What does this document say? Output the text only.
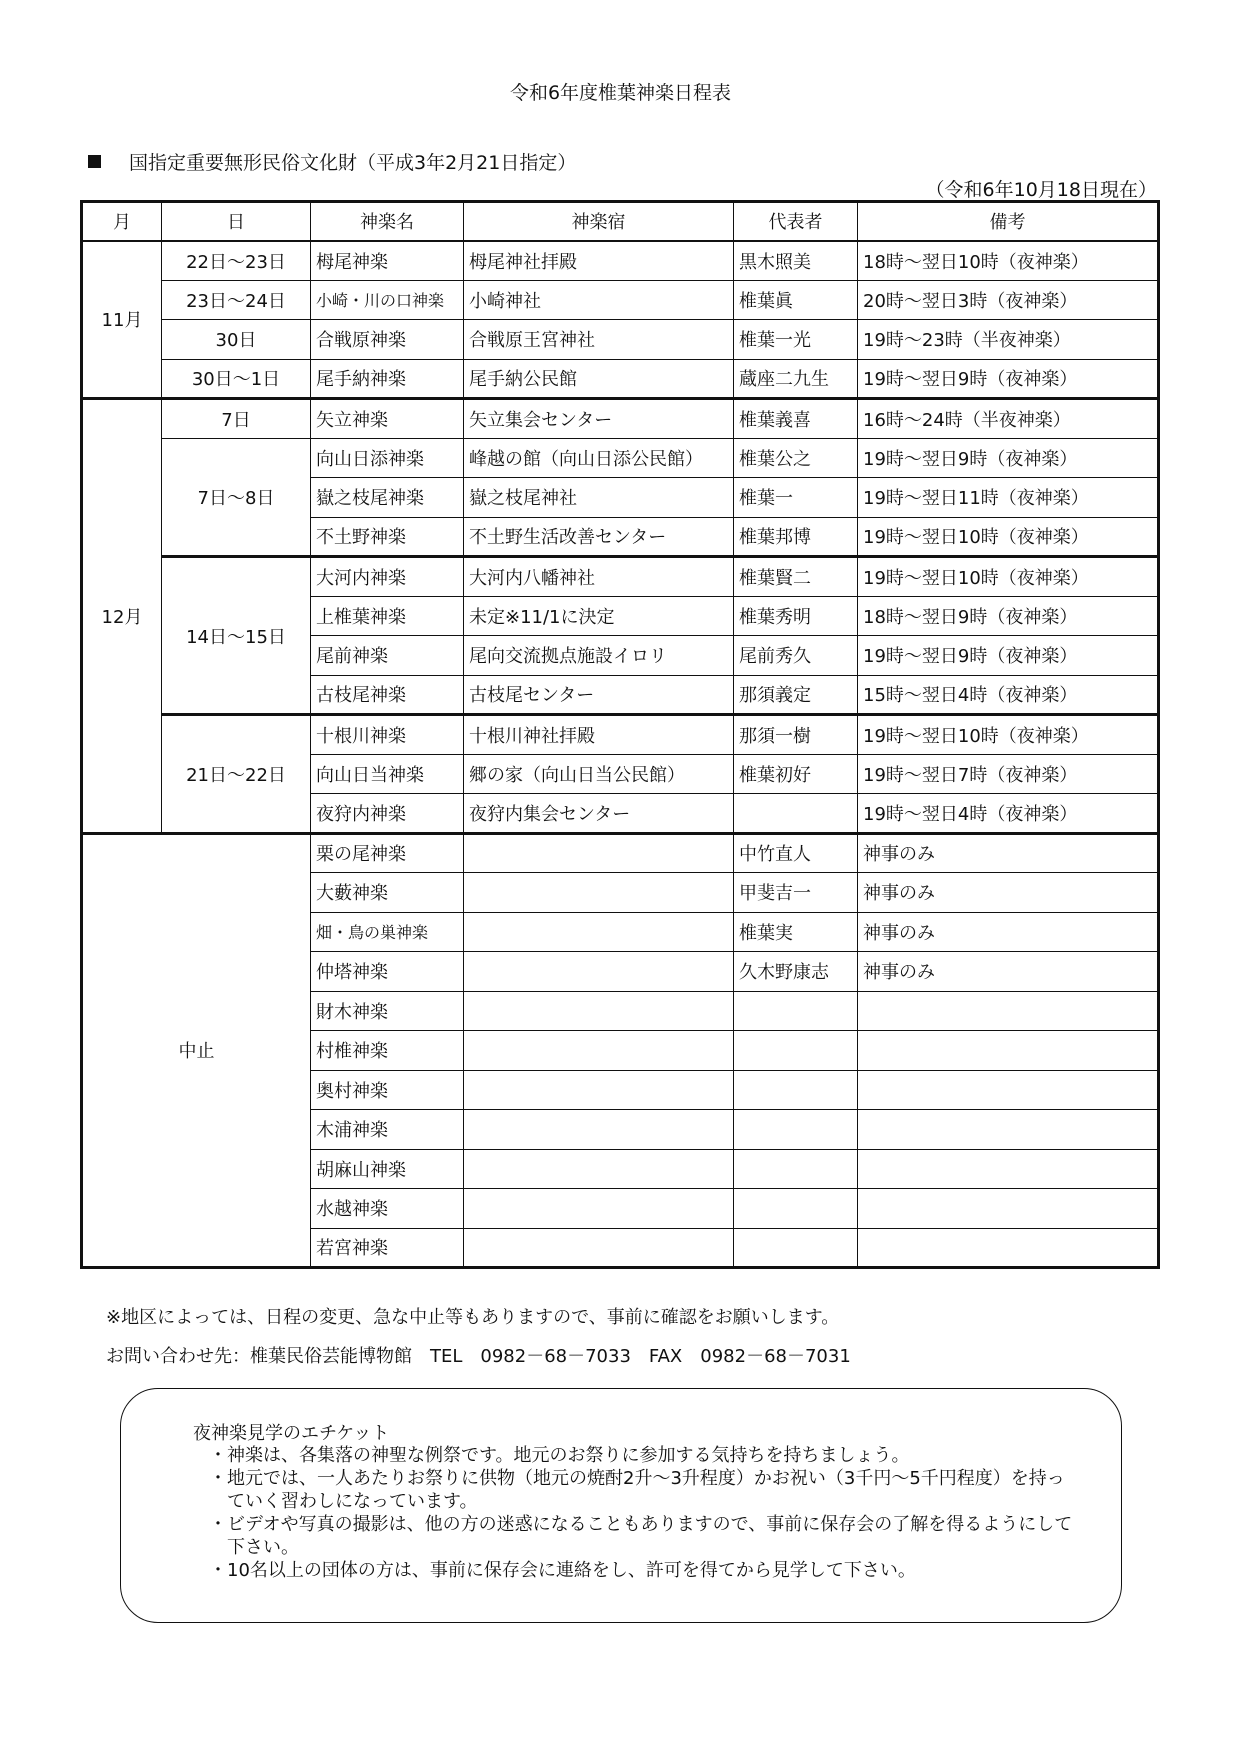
令和6年度椎葉神楽日程表
国指定重要無形民俗文化財（平成3年2月21日指定）
（令和6年10月18日現在）
月	日	神楽名	神楽宿	代表者	備考
11月	22日～23日	栂尾神楽	栂尾神社拝殿	黒木照美	18時～翌日10時（夜神楽）
	23日～24日	小崎・川の口神楽	小崎神社	椎葉眞	20時～翌日3時（夜神楽）
	30日	合戦原神楽	合戦原王宮神社	椎葉一光	19時～23時（半夜神楽）
	30日～1日	尾手納神楽	尾手納公民館	蔵座二九生	19時～翌日9時（夜神楽）
12月	7日	矢立神楽	矢立集会センター	椎葉義喜	16時～24時（半夜神楽）
	7日～8日	向山日添神楽	峰越の館（向山日添公民館）	椎葉公之	19時～翌日9時（夜神楽）
		嶽之枝尾神楽	嶽之枝尾神社	椎葉一	19時～翌日11時（夜神楽）
		不土野神楽	不土野生活改善センター	椎葉邦博	19時～翌日10時（夜神楽）
	14日～15日	大河内神楽	大河内八幡神社	椎葉賢二	19時～翌日10時（夜神楽）
		上椎葉神楽	未定※11/1に決定	椎葉秀明	18時～翌日9時（夜神楽）
		尾前神楽	尾向交流拠点施設イロリ	尾前秀久	19時～翌日9時（夜神楽）
		古枝尾神楽	古枝尾センター	那須義定	15時～翌日4時（夜神楽）
	21日～22日	十根川神楽	十根川神社拝殿	那須一樹	19時～翌日10時（夜神楽）
		向山日当神楽	郷の家（向山日当公民館）	椎葉初好	19時～翌日7時（夜神楽）
		夜狩内神楽	夜狩内集会センター		19時～翌日4時（夜神楽）
中止		栗の尾神楽		中竹直人	神事のみ
		大藪神楽		甲斐吉一	神事のみ
		畑・鳥の巣神楽		椎葉実	神事のみ
		仲塔神楽		久木野康志	神事のみ
		財木神楽			
		村椎神楽			
		奥村神楽			
		木浦神楽			
		胡麻山神楽			
		水越神楽			
		若宮神楽			
※地区によっては、日程の変更、急な中止等もありますので、事前に確認をお願いします。
お問い合わせ先：椎葉民俗芸能博物館　TEL　0982－68－7033　FAX　0982－68－7031
夜神楽見学のエチケット
・ 神楽は、各集落の神聖な例祭です。地元のお祭りに参加する気持ちを持ちましょう。
・ 地元では、一人あたりお祭りに供物（地元の焼酎2升～3升程度）かお祝い（3千円～5千円程度）を持っていく習わしになっています。
・ ビデオや写真の撮影は、他の方の迷惑になることもありますので、事前に保存会の了解を得るようにして下さい。
・ 10名以上の団体の方は、事前に保存会に連絡をし、許可を得てから見学して下さい。
